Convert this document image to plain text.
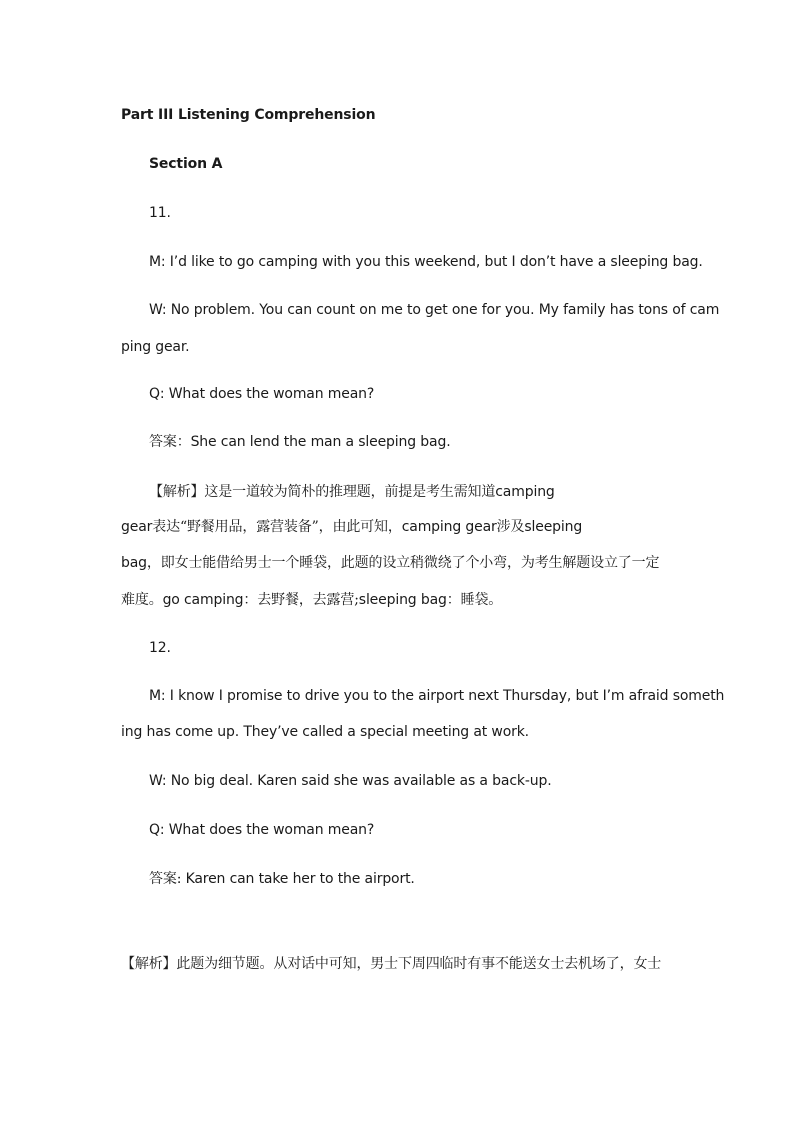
Part III Listening Comprehension
Section A
11.
M: I’d like to go camping with you this weekend, but I don’t have a sleeping bag.
W: No problem. You can count on me to get one for you. My family has tons of cam
ping gear.
Q: What does the woman mean?
答案：She can lend the man a sleeping bag.
【解析】这是一道较为简朴的推理题，前提是考生需知道camping
gear表达“野餐用品，露营装备”，由此可知，camping gear涉及sleeping
bag，即女士能借给男士一个睡袋，此题的设立稍微绕了个小弯，为考生解题设立了一定
难度。go camping：去野餐，去露营;sleeping bag：睡袋。
12.
M: I know I promise to drive you to the airport next Thursday, but I’m afraid someth
ing has come up. They’ve called a special meeting at work.
W: No big deal. Karen said she was available as a back-up.
Q: What does the woman mean?
答案: Karen can take her to the airport.
【解析】此题为细节题。从对话中可知，男士下周四临时有事不能送女士去机场了，女士
